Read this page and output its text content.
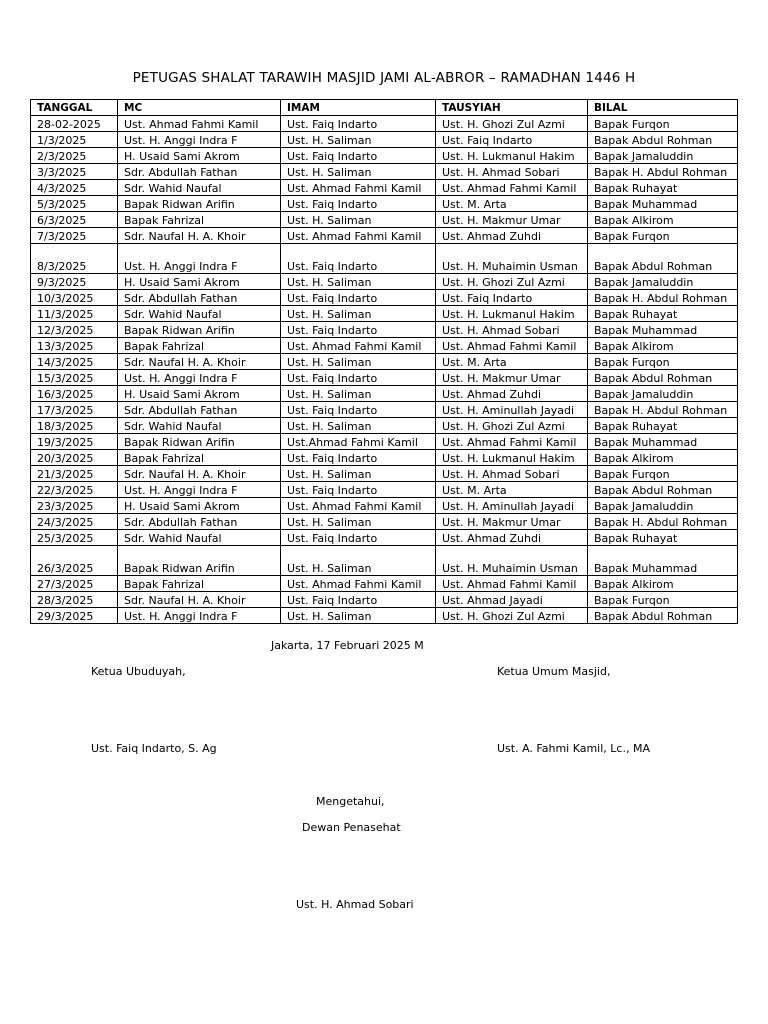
PETUGAS SHALAT TARAWIH MASJID JAMI AL-ABROR – RAMADHAN 1446 H
TANGGAL	MC	IMAM	TAUSYIAH	BILAL
28-02-2025	Ust. Ahmad Fahmi Kamil	Ust. Faiq Indarto	Ust. H. Ghozi Zul Azmi	Bapak Furqon
1/3/2025	Ust. H. Anggi Indra F	Ust. H. Saliman	Ust. Faiq Indarto	Bapak Abdul Rohman
2/3/2025	H. Usaid Sami Akrom	Ust. Faiq Indarto	Ust. H. Lukmanul Hakim	Bapak Jamaluddin
3/3/2025	Sdr. Abdullah Fathan	Ust. H. Saliman	Ust. H. Ahmad Sobari	Bapak H. Abdul Rohman
4/3/2025	Sdr. Wahid Naufal	Ust. Ahmad Fahmi Kamil	Ust. Ahmad Fahmi Kamil	Bapak Ruhayat
5/3/2025	Bapak Ridwan Arifin	Ust. Faiq Indarto	Ust. M. Arta	Bapak Muhammad
6/3/2025	Bapak Fahrizal	Ust. H. Saliman	Ust. H. Makmur Umar	Bapak Alkirom
7/3/2025	Sdr. Naufal H. A. Khoir	Ust. Ahmad Fahmi Kamil	Ust. Ahmad Zuhdi	Bapak Furqon
8/3/2025	Ust. H. Anggi Indra F	Ust. Faiq Indarto	Ust. H. Muhaimin Usman	Bapak Abdul Rohman
9/3/2025	H. Usaid Sami Akrom	Ust. H. Saliman	Ust. H. Ghozi Zul Azmi	Bapak Jamaluddin
10/3/2025	Sdr. Abdullah Fathan	Ust. Faiq Indarto	Ust. Faiq Indarto	Bapak H. Abdul Rohman
11/3/2025	Sdr. Wahid Naufal	Ust. H. Saliman	Ust. H. Lukmanul Hakim	Bapak Ruhayat
12/3/2025	Bapak Ridwan Arifin	Ust. Faiq Indarto	Ust. H. Ahmad Sobari	Bapak Muhammad
13/3/2025	Bapak Fahrizal	Ust. Ahmad Fahmi Kamil	Ust. Ahmad Fahmi Kamil	Bapak Alkirom
14/3/2025	Sdr. Naufal H. A. Khoir	Ust. H. Saliman	Ust. M. Arta	Bapak Furqon
15/3/2025	Ust. H. Anggi Indra F	Ust. Faiq Indarto	Ust. H. Makmur Umar	Bapak Abdul Rohman
16/3/2025	H. Usaid Sami Akrom	Ust. H. Saliman	Ust. Ahmad Zuhdi	Bapak Jamaluddin
17/3/2025	Sdr. Abdullah Fathan	Ust. Faiq Indarto	Ust. H. Aminullah Jayadi	Bapak H. Abdul Rohman
18/3/2025	Sdr. Wahid Naufal	Ust. H. Saliman	Ust. H. Ghozi Zul Azmi	Bapak Ruhayat
19/3/2025	Bapak Ridwan Arifin	Ust.Ahmad Fahmi Kamil	Ust. Ahmad Fahmi Kamil	Bapak Muhammad
20/3/2025	Bapak Fahrizal	Ust. Faiq Indarto	Ust. H. Lukmanul Hakim	Bapak Alkirom
21/3/2025	Sdr. Naufal H. A. Khoir	Ust. H. Saliman	Ust. H. Ahmad Sobari	Bapak Furqon
22/3/2025	Ust. H. Anggi Indra F	Ust. Faiq Indarto	Ust. M. Arta	Bapak Abdul Rohman
23/3/2025	H. Usaid Sami Akrom	Ust. Ahmad Fahmi Kamil	Ust. H. Aminullah Jayadi	Bapak Jamaluddin
24/3/2025	Sdr. Abdullah Fathan	Ust. H. Saliman	Ust. H. Makmur Umar	Bapak H. Abdul Rohman
25/3/2025	Sdr. Wahid Naufal	Ust. Faiq Indarto	Ust. Ahmad Zuhdi	Bapak Ruhayat
26/3/2025	Bapak Ridwan Arifin	Ust. H. Saliman	Ust. H. Muhaimin Usman	Bapak Muhammad
27/3/2025	Bapak Fahrizal	Ust. Ahmad Fahmi Kamil	Ust. Ahmad Fahmi Kamil	Bapak Alkirom
28/3/2025	Sdr. Naufal H. A. Khoir	Ust. Faiq Indarto	Ust. Ahmad Jayadi	Bapak Furqon
29/3/2025	Ust. H. Anggi Indra F	Ust. H. Saliman	Ust. H. Ghozi Zul Azmi	Bapak Abdul Rohman
Jakarta, 17 Februari 2025 M
Ketua Ubuduyah,	Ketua Umum Masjid,
Ust. Faiq Indarto, S. Ag	Ust. A. Fahmi Kamil, Lc., MA
Mengetahui,
Dewan Penasehat
Ust. H. Ahmad Sobari
